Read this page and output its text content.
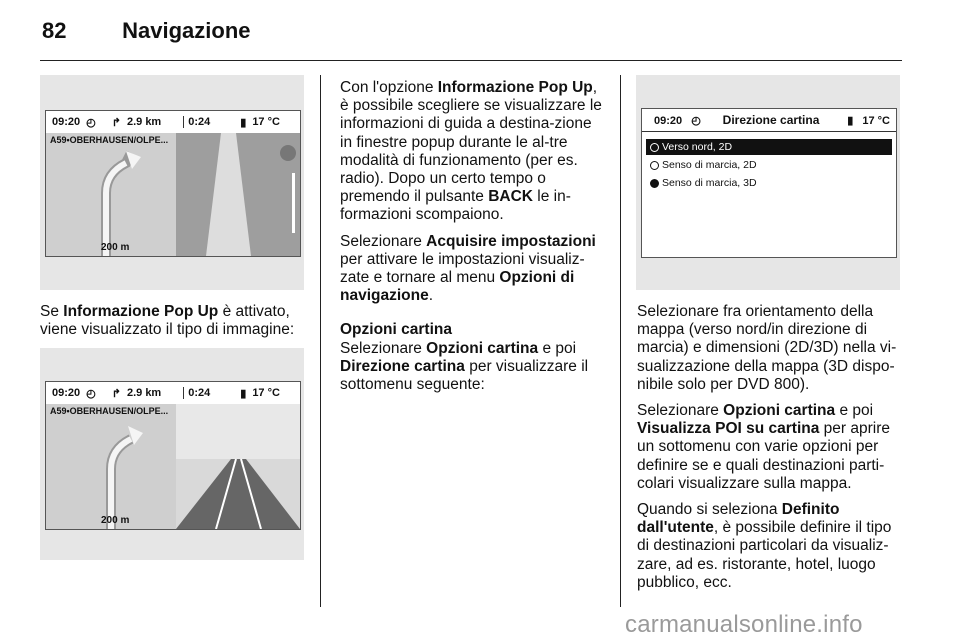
82	Navigazione
09:20 ◴ ↱ 2.9 km	0:24	▮ 17 °C
A59•OBERHAUSEN/OLPE...
200 m

Se Informazione Pop Up è attivato, viene visualizzato il tipo di immagine:

09:20 ◴ ↱ 2.9 km	0:24	▮ 17 °C
A59•OBERHAUSEN/OLPE...
200 m

Con l'opzione Informazione Pop Up, è possibile scegliere se visualizzare le informazioni di guida a destina-zione in finestre popup durante le al-tre modalità di funzionamento (per es. radio). Dopo un certo tempo o premendo il pulsante BACK le in-formazioni scompaiono.

Selezionare Acquisire impostazioni per attivare le impostazioni visualiz-zate e tornare al menu Opzioni di navigazione.

Opzioni cartina

Selezionare Opzioni cartina e poi Direzione cartina per visualizzare il sottomenu seguente:

09:20 ◴ Direzione cartina	▮ 17 °C
Verso nord, 2D
Senso di marcia, 2D
Senso di marcia, 3D

Selezionare fra orientamento della mappa (verso nord/in direzione di marcia) e dimensioni (2D/3D) nella vi-sualizzazione della mappa (3D dispo-nibile solo per DVD 800).

Selezionare Opzioni cartina e poi Visualizza POI su cartina per aprire un sottomenu con varie opzioni per definire se e quali destinazioni parti-colari visualizzare sulla mappa.

Quando si seleziona Definito dall'utente, è possibile definire il tipo di destinazioni particolari da visualiz-zare, ad es. ristorante, hotel, luogo pubblico, ecc.

carmanualsonline.info
